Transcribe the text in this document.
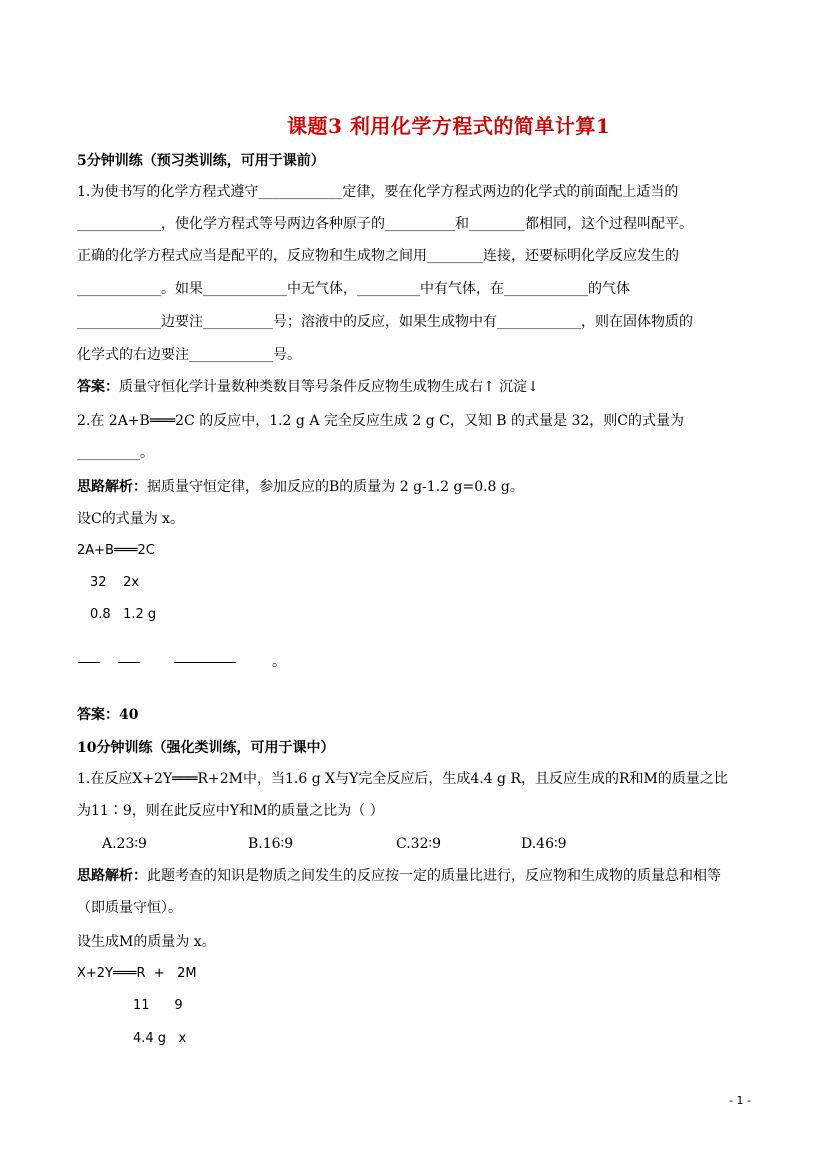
课题3 利用化学方程式的简单计算1
5分钟训练（预习类训练，可用于课前）
1.为使书写的化学方程式遵守____________定律，要在化学方程式两边的化学式的前面配上适当的
____________，使化学方程式等号两边各种原子的__________和________都相同，这个过程叫配平。
正确的化学方程式应当是配平的，反应物和生成物之间用________连接，还要标明化学反应发生的
____________。如果____________中无气体，_________中有气体，在____________的气体
____________边要注__________号；溶液中的反应，如果生成物中有____________，则在固体物质的
化学式的右边要注____________号。
答案：质量守恒化学计量数种类数目等号条件反应物生成物生成右↑ 沉淀↓
2.在 2A+B═══2C 的反应中，1.2 g A 完全反应生成 2 g C，又知 B 的式量是 32，则C的式量为
_________。
思路解析：据质量守恒定律，参加反应的B的质量为 2 g-1.2 g=0.8 g。
设C的式量为 x。
2A+B═══2C
32    2x
0.8   1.2 g
。
答案：40
10分钟训练（强化类训练，可用于课中）
1.在反应X+2Y═══R+2M中，当1.6 g X与Y完全反应后，生成4.4 g R，且反应生成的R和M的质量之比
为11∶9，则在此反应中Y和M的质量之比为（ ）
A.23∶9	B.16∶9	C.32∶9	D.46∶9
思路解析：此题考查的知识是物质之间发生的反应按一定的质量比进行，反应物和生成物的质量总和相等
（即质量守恒）。
设生成M的质量为 x。
X+2Y═══R  +   2M
11      9
4.4 g   x
- 1 -
